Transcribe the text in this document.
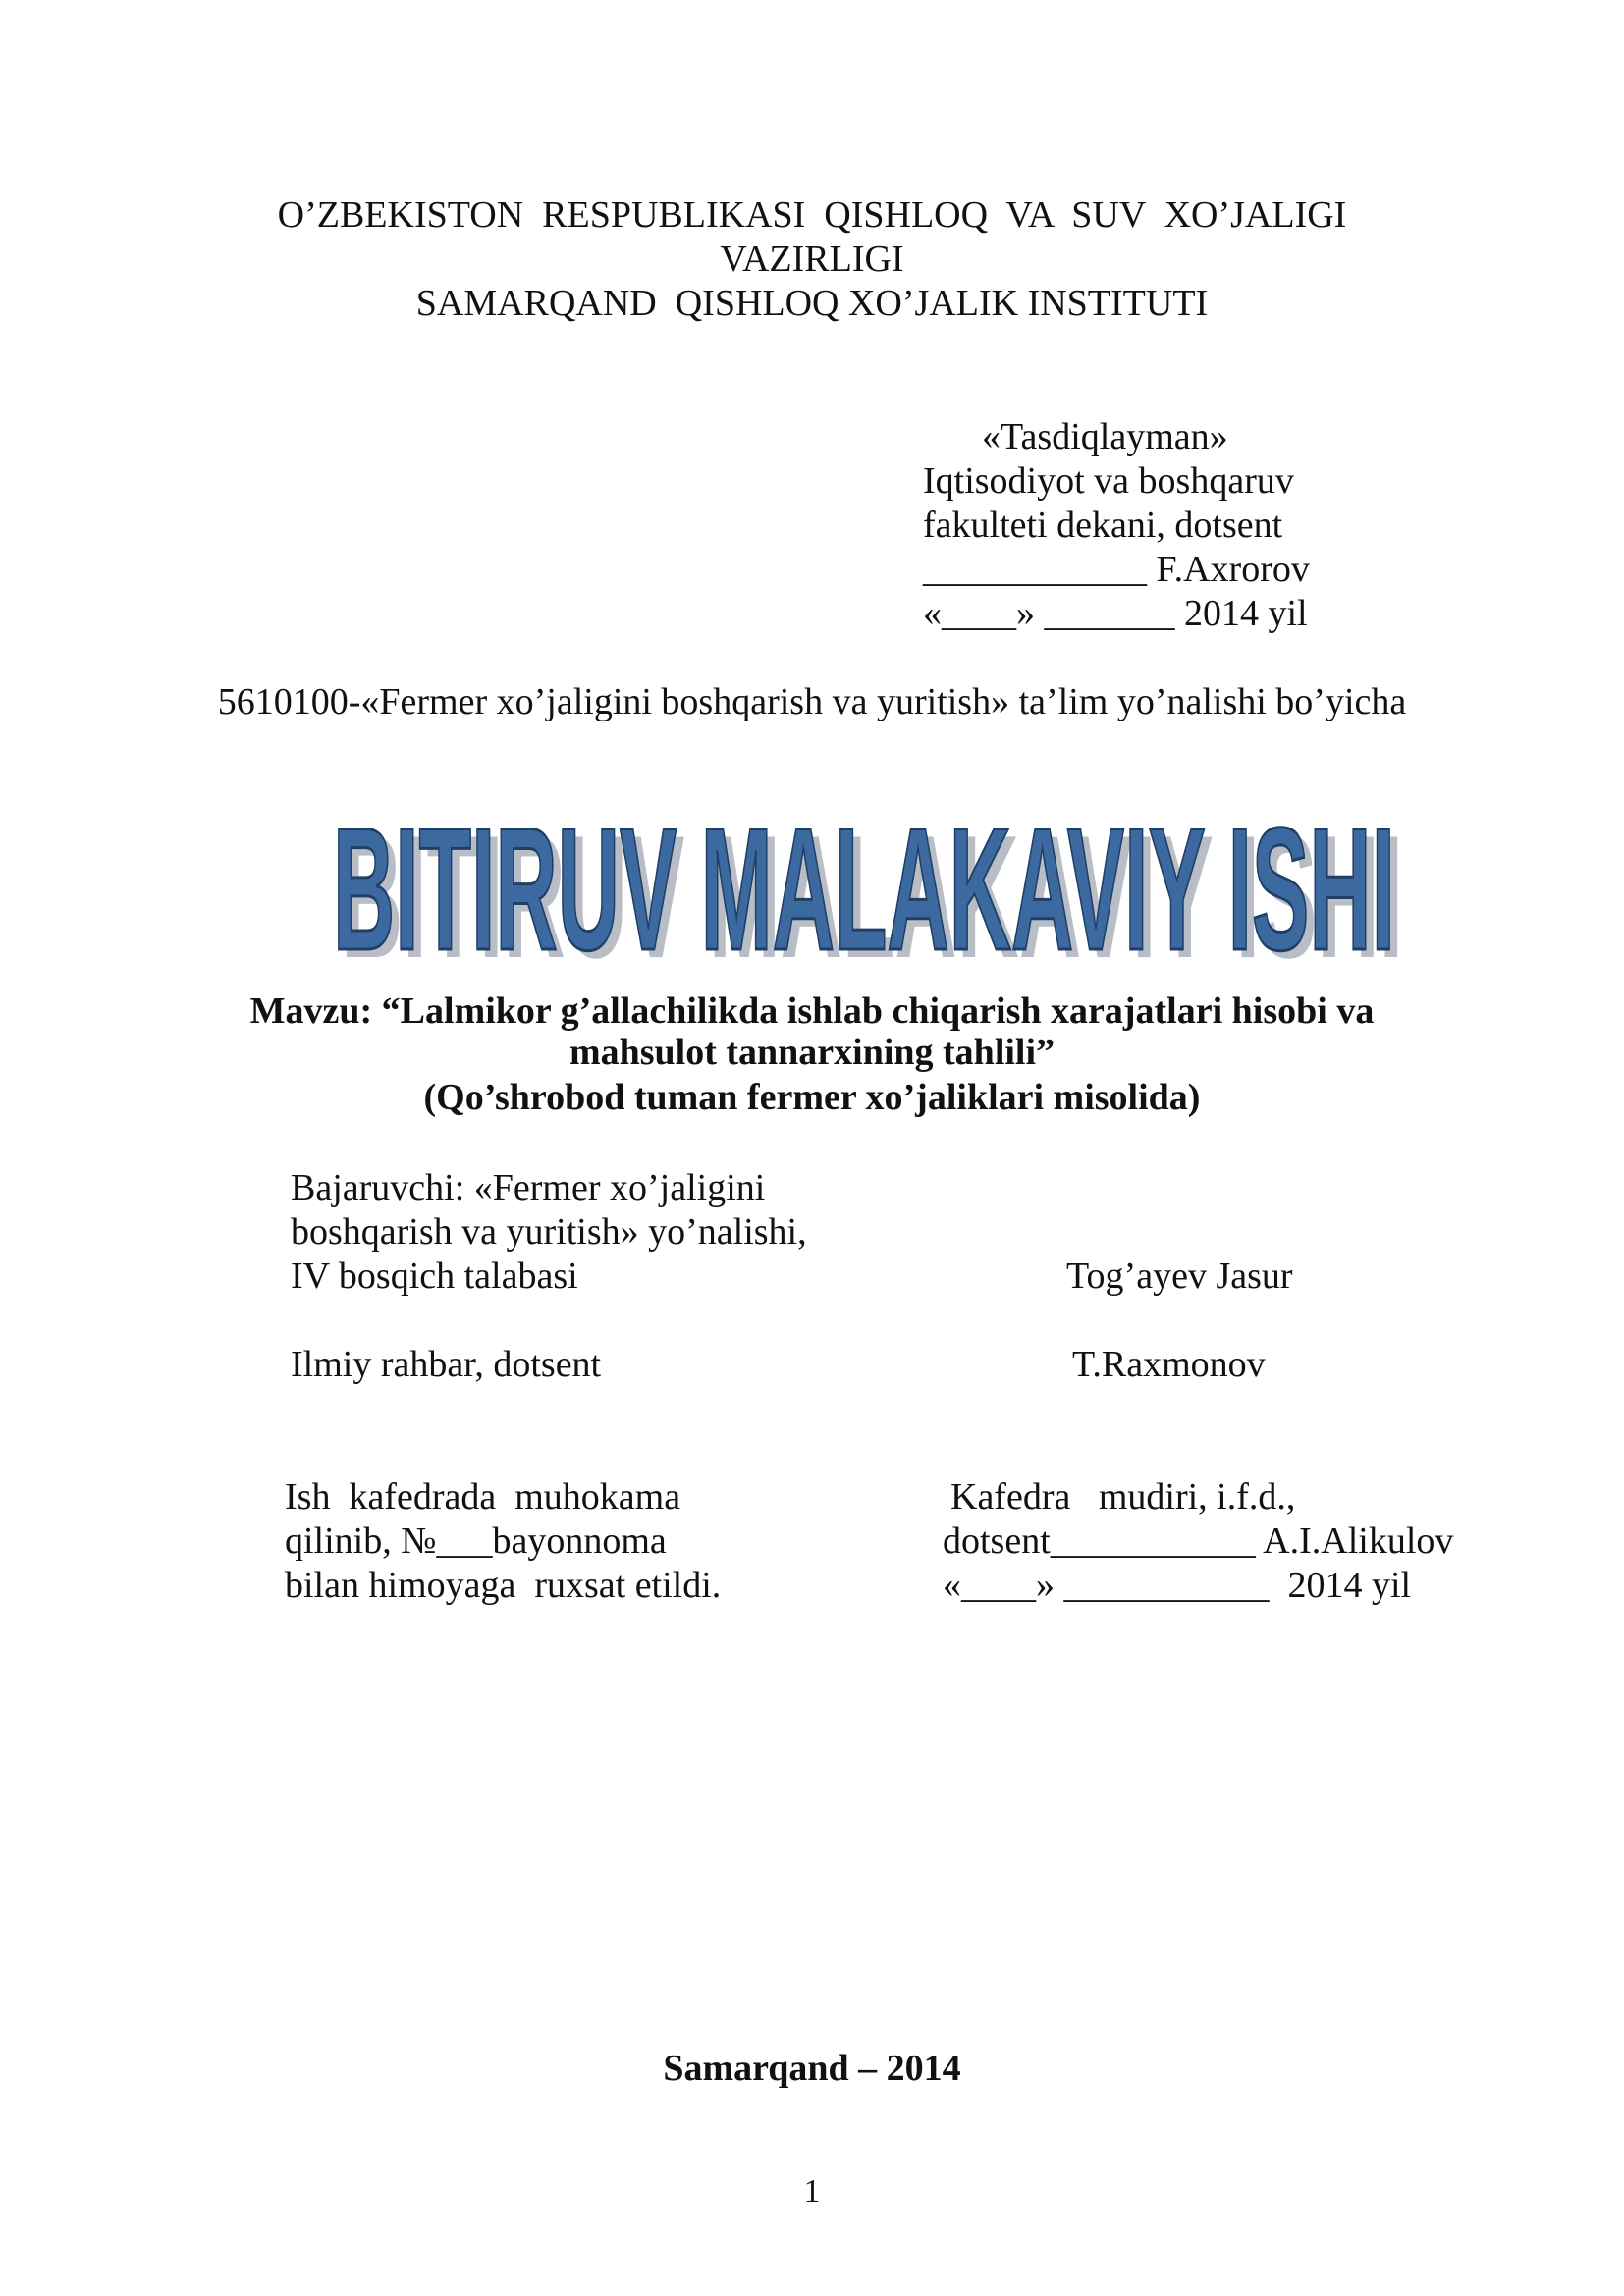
O’ZBEKISTON  RESPUBLIKASI  QISHLOQ  VA  SUV  XO’JALIGI
VAZIRLIGI
SAMARQAND  QISHLOQ XO’JALIK INSTITUTI
«Tasdiqlayman»
Iqtisodiyot va boshqaruv
fakulteti dekani, dotsent
____________ F.Axrorov
«____» _______ 2014 yil
5610100-«Fermer xo’jaligini boshqarish va yuritish» ta’lim yo’nalishi bo’yicha
BITIRUV MALAKAVIY ISHI
BITIRUV MALAKAVIY ISHI
Mavzu: “Lalmikor g’allachilikda ishlab chiqarish xarajatlari hisobi va
mahsulot tannarxining tahlili”
(Qo’shrobod tuman fermer xo’jaliklari misolida)
Bajaruvchi: «Fermer xo’jaligini
boshqarish va yuritish» yo’nalishi,
IV bosqich talabasi	Tog’ayev Jasur
Ilmiy rahbar, dotsent	T.Raxmonov
Ish  kafedrada  muhokama
qilinib, №___bayonnoma
bilan himoyaga  ruxsat etildi.
Kafedra   mudiri, i.f.d.,
dotsent___________ A.I.Alikulov
«____» ___________  2014 yil
Samarqand – 2014
1
